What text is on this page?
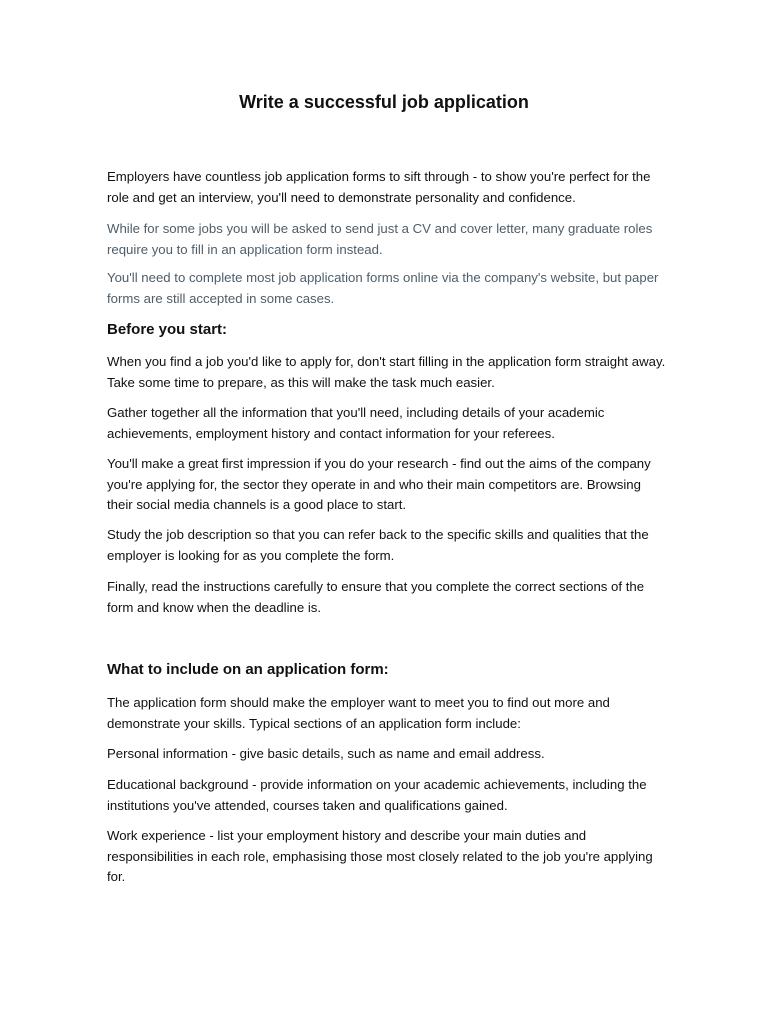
Write a successful job application

Employers have countless job application forms to sift through - to show you're perfect for the role and get an interview, you'll need to demonstrate personality and confidence.

While for some jobs you will be asked to send just a CV and cover letter, many graduate roles require you to fill in an application form instead.

You'll need to complete most job application forms online via the company's website, but paper forms are still accepted in some cases.

Before you start:

When you find a job you'd like to apply for, don't start filling in the application form straight away. Take some time to prepare, as this will make the task much easier.

Gather together all the information that you'll need, including details of your academic achievements, employment history and contact information for your referees.

You'll make a great first impression if you do your research - find out the aims of the company you're applying for, the sector they operate in and who their main competitors are. Browsing their social media channels is a good place to start.

Study the job description so that you can refer back to the specific skills and qualities that the employer is looking for as you complete the form.

Finally, read the instructions carefully to ensure that you complete the correct sections of the form and know when the deadline is.

What to include on an application form:

The application form should make the employer want to meet you to find out more and demonstrate your skills. Typical sections of an application form include:

Personal information - give basic details, such as name and email address.

Educational background - provide information on your academic achievements, including the institutions you've attended, courses taken and qualifications gained.

Work experience - list your employment history and describe your main duties and responsibilities in each role, emphasising those most closely related to the job you're applying for.
